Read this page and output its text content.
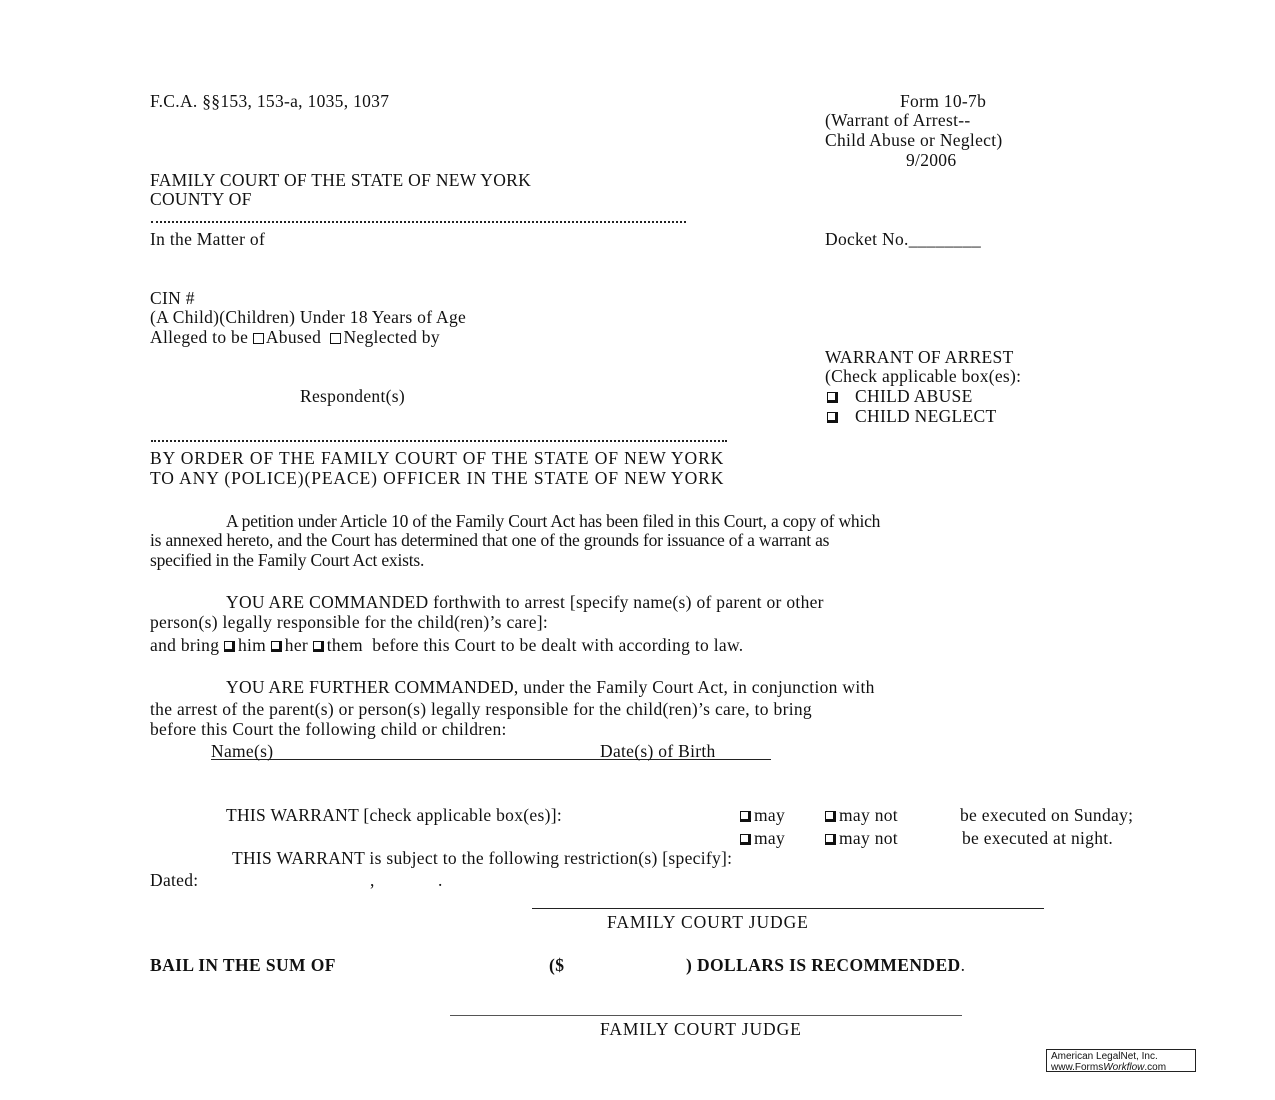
F.C.A. §§153, 153-a, 1035, 1037	Form 10-7b
(Warrant of Arrest--
Child Abuse or Neglect)
9/2006
FAMILY COURT OF THE STATE OF NEW YORK
COUNTY OF
In the Matter of	Docket No.________
CIN #
(A Child)(Children) Under 18 Years of Age
Alleged to be Abused Neglected by
Respondent(s)
WARRANT OF ARREST
(Check applicable box(es):
CHILD ABUSE
CHILD NEGLECT
BY ORDER OF THE FAMILY COURT OF THE STATE OF NEW YORK
TO ANY (POLICE)(PEACE) OFFICER IN THE STATE OF NEW YORK
A petition under Article 10 of the Family Court Act has been filed in this Court, a copy of which
is annexed hereto, and the Court has determined that one of the grounds for issuance of a warrant as
specified in the Family Court Act exists.
YOU ARE COMMANDED forthwith to arrest [specify name(s) of parent or other
person(s) legally responsible for the child(ren)’s care]:
and bring him her them  before this Court to be dealt with according to law.
YOU ARE FURTHER COMMANDED, under the Family Court Act, in conjunction with
the arrest of the parent(s) or person(s) legally responsible for the child(ren)’s care, to bring
before this Court the following child or children:
Name(s)	Date(s) of Birth
THIS WARRANT [check applicable box(es)]:	may	may not	be executed on Sunday;
may	may not	be executed at night.
THIS WARRANT is subject to the following restriction(s) [specify]:
Dated:	,	.
FAMILY COURT JUDGE
BAIL IN THE SUM OF	($	) DOLLARS IS RECOMMENDED.
FAMILY COURT JUDGE
American LegalNet, Inc.
www.FormsWorkflow.com
